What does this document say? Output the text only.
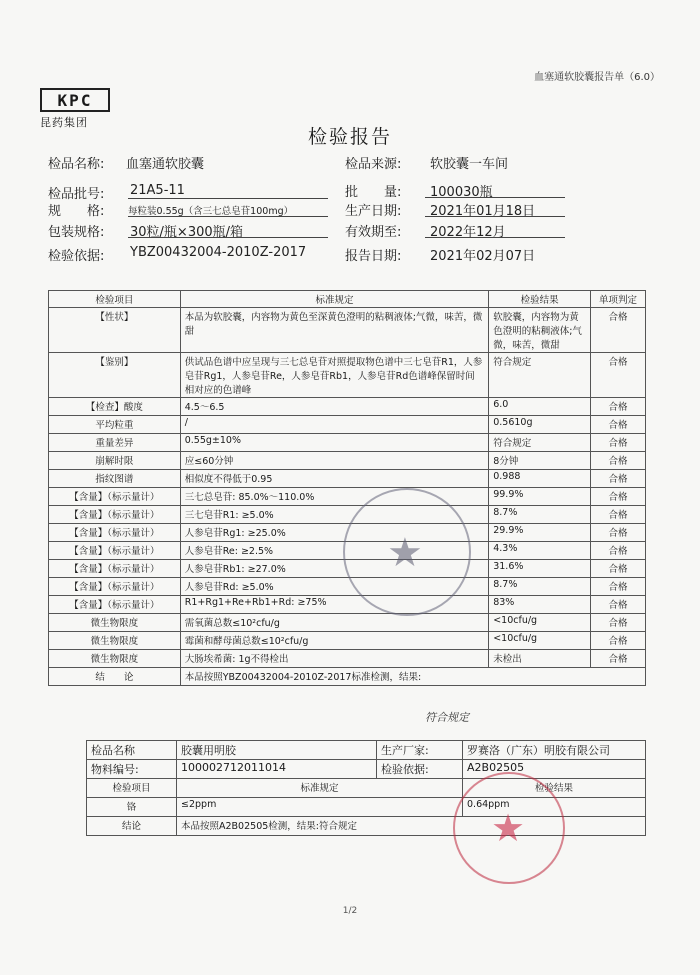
血塞通软胶囊报告单（6.0）
KPC
昆药集团
检验报告
检品名称: 血塞通软胶囊
检品批号: 21A5-11
规　　格: 每粒装0.55g（含三七总皂苷100mg）
包装规格: 30粒/瓶×300瓶/箱
检验依据: YBZ00432004-2010Z-2017
检品来源: 软胶囊一车间
批　　量: 100030瓶
生产日期: 2021年01月18日
有效期至: 2022年12月
报告日期: 2021年02月07日
检验项目	标准规定	检验结果	单项判定
【性状】	本品为软胶囊，内容物为黄色至深黄色澄明的粘稠液体;气微，味苦，微甜	软胶囊，内容物为黄色澄明的粘稠液体;气微，味苦，微甜	合格
【鉴别】	供试品色谱中应呈现与三七总皂苷对照提取物色谱中三七皂苷R1，人参皂苷Rg1，人参皂苷Re，人参皂苷Rb1，人参皂苷Rd色谱峰保留时间相对应的色谱峰	符合规定	合格
【检查】酸度	4.5～6.5	6.0	合格
平均粒重	/	0.5610g	合格
重量差异	0.55g±10%	符合规定	合格
崩解时限	应≤60分钟	8分钟	合格
指纹图谱	相似度不得低于0.95	0.988	合格
【含量】（标示量计）	三七总皂苷: 85.0%～110.0%	99.9%	合格
【含量】（标示量计）	三七皂苷R1: ≥5.0%	8.7%	合格
【含量】（标示量计）	人参皂苷Rg1: ≥25.0%	29.9%	合格
【含量】（标示量计）	人参皂苷Re: ≥2.5%	4.3%	合格
【含量】（标示量计）	人参皂苷Rb1: ≥27.0%	31.6%	合格
【含量】（标示量计）	人参皂苷Rd: ≥5.0%	8.7%	合格
【含量】（标示量计）	R1+Rg1+Re+Rb1+Rd: ≥75%	83%	合格
微生物限度	需氧菌总数≤10²cfu/g	<10cfu/g	合格
微生物限度	霉菌和酵母菌总数≤10²cfu/g	<10cfu/g	合格
微生物限度	大肠埃希菌: 1g不得检出	未检出	合格
结　　论	本品按照YBZ00432004-2010Z-2017标准检测，结果:		
符合规定
检品名称	胶囊用明胶	生产厂家:	罗赛洛（广东）明胶有限公司
物料编号:	100002712011014	检验依据:	A2B02505
检验项目	标准规定		检验结果
铬	≤2ppm		0.64ppm
结论	本品按照A2B02505检测，结果:符合规定		
★
★
1/2
